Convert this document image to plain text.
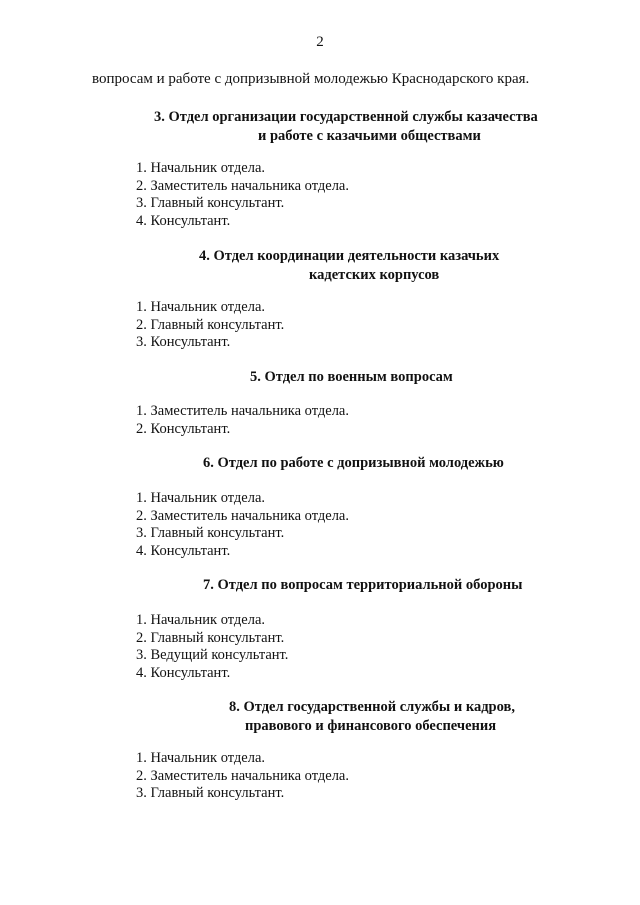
2
вопросам и работе с допризывной молодежью Краснодарского края.
3. Отдел организации государственной службы казачества
и работе с казачьими обществами
1. Начальник отдела.
2. Заместитель начальника отдела.
3. Главный консультант.
4. Консультант.
4. Отдел координации деятельности казачьих
кадетских корпусов
1. Начальник отдела.
2. Главный консультант.
3. Консультант.
5. Отдел по военным вопросам
1. Заместитель начальника отдела.
2. Консультант.
6. Отдел по работе с допризывной молодежью
1. Начальник отдела.
2. Заместитель начальника отдела.
3. Главный консультант.
4. Консультант.
7. Отдел по вопросам территориальной обороны
1. Начальник отдела.
2. Главный консультант.
3. Ведущий консультант.
4. Консультант.
8. Отдел государственной службы и кадров,
правового и финансового обеспечения
1. Начальник отдела.
2. Заместитель начальника отдела.
3. Главный консультант.
